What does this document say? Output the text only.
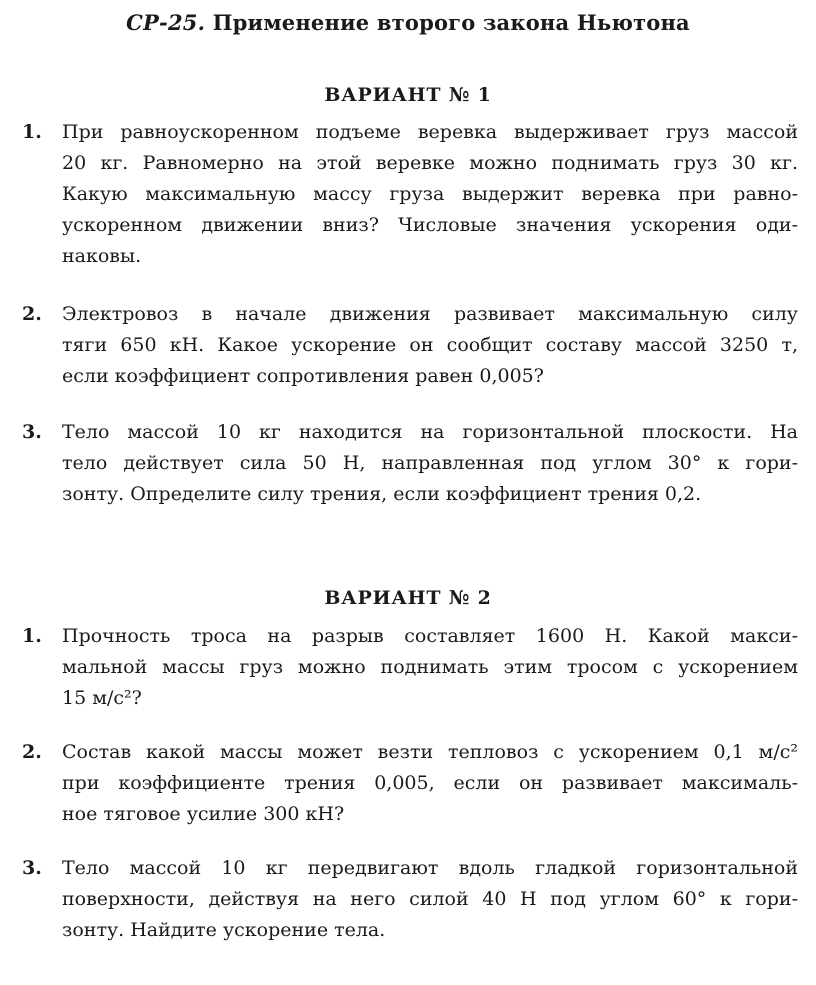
СР-25. Применение второго закона Ньютона
ВАРИАНТ № 1
1. При равноускоренном подъеме веревка выдерживает груз массой
20 кг. Равномерно на этой веревке можно поднимать груз 30 кг.
Какую максимальную массу груза выдержит веревка при равно-
ускоренном движении вниз? Числовые значения ускорения оди-
наковы.
2. Электровоз в начале движения развивает максимальную силу
тяги 650 кН. Какое ускорение он сообщит составу массой 3250 т,
если коэффициент сопротивления равен 0,005?
3. Тело массой 10 кг находится на горизонтальной плоскости. На
тело действует сила 50 Н, направленная под углом 30° к гори-
зонту. Определите силу трения, если коэффициент трения 0,2.
ВАРИАНТ № 2
1. Прочность троса на разрыв составляет 1600 Н. Какой макси-
мальной массы груз можно поднимать этим тросом с ускорением
15 м/с²?
2. Состав какой массы может везти тепловоз с ускорением 0,1 м/с²
при коэффициенте трения 0,005, если он развивает максималь-
ное тяговое усилие 300 кН?
3. Тело массой 10 кг передвигают вдоль гладкой горизонтальной
поверхности, действуя на него силой 40 Н под углом 60° к гори-
зонту. Найдите ускорение тела.
